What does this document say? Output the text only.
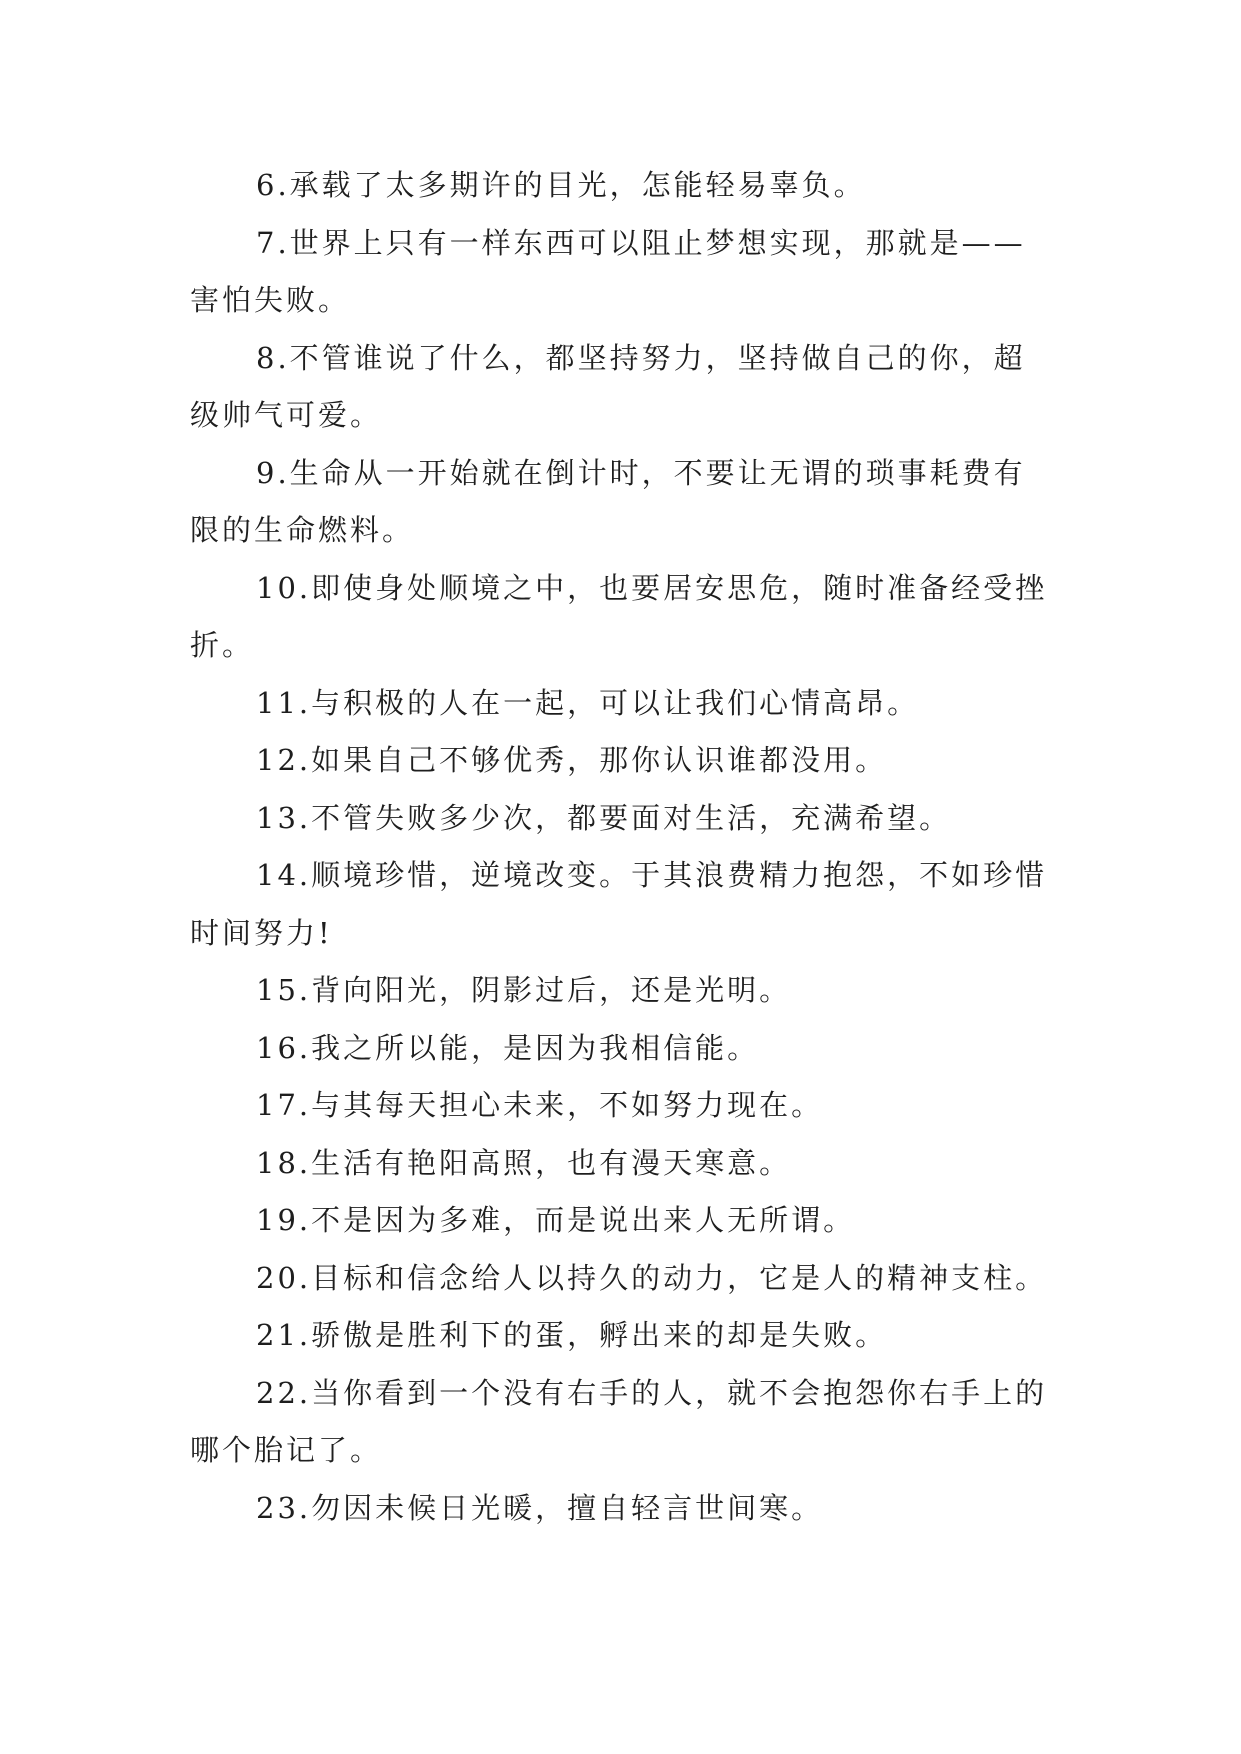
6.承载了太多期许的目光，怎能轻易辜负。

7.世界上只有一样东西可以阻止梦想实现，那就是——害怕失败。

8.不管谁说了什么，都坚持努力，坚持做自己的你，超级帅气可爱。

9.生命从一开始就在倒计时，不要让无谓的琐事耗费有限的生命燃料。

10.即使身处顺境之中，也要居安思危，随时准备经受挫折。

11.与积极的人在一起，可以让我们心情高昂。

12.如果自己不够优秀，那你认识谁都没用。

13.不管失败多少次，都要面对生活，充满希望。

14.顺境珍惜，逆境改变。于其浪费精力抱怨，不如珍惜时间努力!

15.背向阳光，阴影过后，还是光明。

16.我之所以能，是因为我相信能。

17.与其每天担心未来，不如努力现在。

18.生活有艳阳高照，也有漫天寒意。

19.不是因为多难，而是说出来人无所谓。

20.目标和信念给人以持久的动力，它是人的精神支柱。

21.骄傲是胜利下的蛋，孵出来的却是失败。

22.当你看到一个没有右手的人，就不会抱怨你右手上的哪个胎记了。

23.勿因未候日光暖，擅自轻言世间寒。
